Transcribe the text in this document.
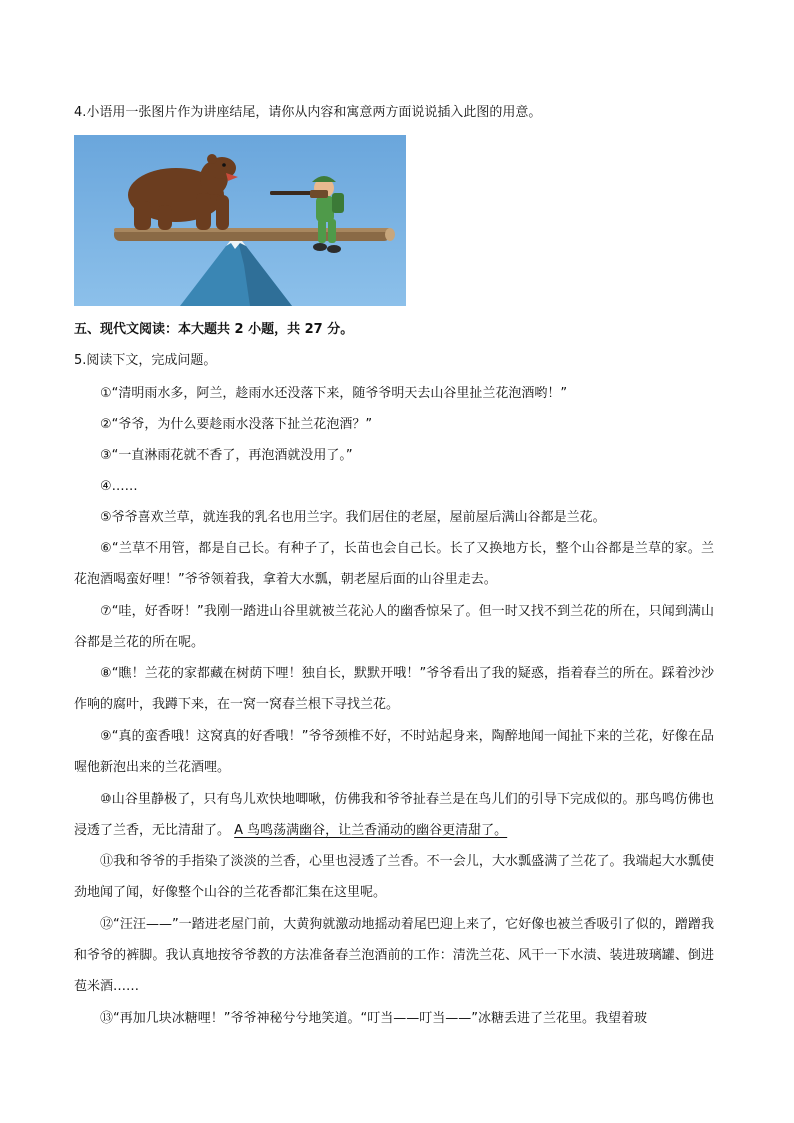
4.小语用一张图片作为讲座结尾，请你从内容和寓意两方面说说插入此图的用意。
五、现代文阅读：本大题共 2 小题，共 27 分。
5.阅读下文，完成问题。
①“清明雨水多，阿兰，趁雨水还没落下来，随爷爷明天去山谷里扯兰花泡酒哟！”
②“爷爷，为什么要趁雨水没落下扯兰花泡酒？”
③“一直淋雨花就不香了，再泡酒就没用了。”
④……
⑤爷爷喜欢兰草，就连我的乳名也用兰字。我们居住的老屋，屋前屋后满山谷都是兰花。

⑥“兰草不用管，都是自己长。有种子了，长苗也会自己长。长了又换地方长，整个山谷都是兰草的家。兰花泡酒喝蛮好哩！”爷爷领着我，拿着大水瓢，朝老屋后面的山谷里走去。

⑦“哇，好香呀！”我刚一踏进山谷里就被兰花沁人的幽香惊呆了。但一时又找不到兰花的所在，只闻到满山谷都是兰花的所在呢。

⑧“瞧！兰花的家都藏在树荫下哩！独自长，默默开哦！”爷爷看出了我的疑惑，指着春兰的所在。踩着沙沙作响的腐叶，我蹲下来，在一窝一窝春兰根下寻找兰花。

⑨“真的蛮香哦！这窝真的好香哦！”爷爷颈椎不好，不时站起身来，陶醉地闻一闻扯下来的兰花，好像在品喔他新泡出来的兰花酒哩。

⑩山谷里静极了，只有鸟儿欢快地唧啾，仿佛我和爷爷扯春兰是在鸟儿们的引导下完成似的。那鸟鸣仿佛也浸透了兰香，无比清甜了。 A 鸟鸣荡满幽谷，让兰香涌动的幽谷更清甜了。

⑪我和爷爷的手指染了淡淡的兰香，心里也浸透了兰香。不一会儿，大水瓢盛满了兰花了。我端起大水瓢使劲地闻了闻，好像整个山谷的兰花香都汇集在这里呢。

⑫“汪汪——”一踏进老屋门前，大黄狗就激动地摇动着尾巴迎上来了，它好像也被兰香吸引了似的，蹭蹭我和爷爷的裤脚。我认真地按爷爷教的方法准备春兰泡酒前的工作：清洗兰花、风干一下水渍、装进玻璃罐、倒进苞米酒……

⑬“再加几块冰糖哩！”爷爷神秘兮兮地笑道。“叮当——叮当——”冰糖丢进了兰花里。我望着玻
